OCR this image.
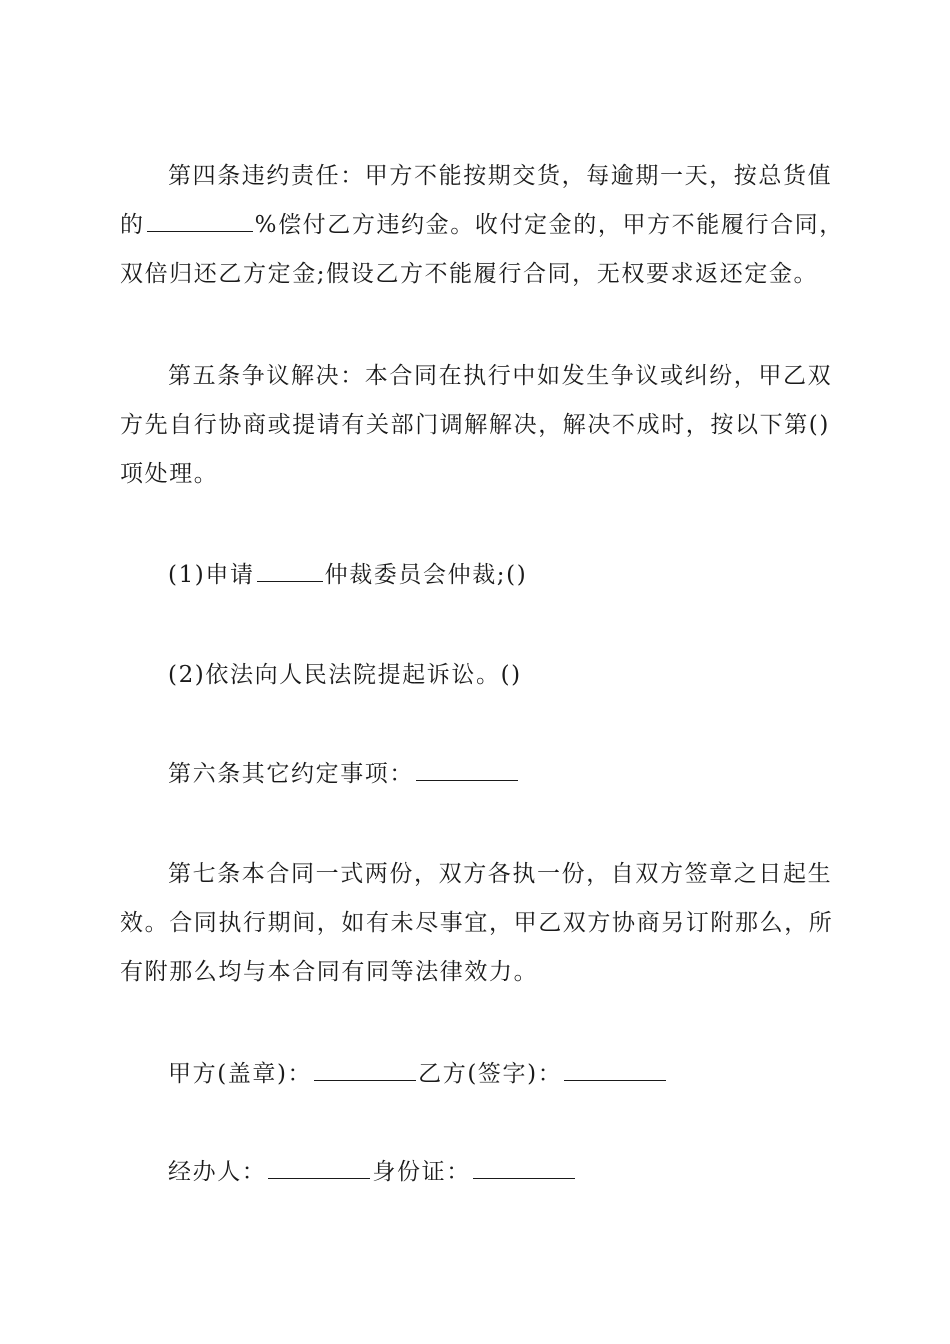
第四条违约责任：甲方不能按期交货，每逾期一天，按总货值
的	%偿付乙方违约金。收付定金的，甲方不能履行合同，
双倍归还乙方定金;假设乙方不能履行合同，无权要求返还定金。
第五条争议解决：本合同在执行中如发生争议或纠纷，甲乙双
方先自行协商或提请有关部门调解解决，解决不成时，按以下第()
项处理。
(1)申请	仲裁委员会仲裁;()
(2)依法向人民法院提起诉讼。()
第六条其它约定事项：
第七条本合同一式两份，双方各执一份，自双方签章之日起生
效。合同执行期间，如有未尽事宜，甲乙双方协商另订附那么，所
有附那么均与本合同有同等法律效力。
甲方(盖章)：	乙方(签字)：
经办人：	身份证：
